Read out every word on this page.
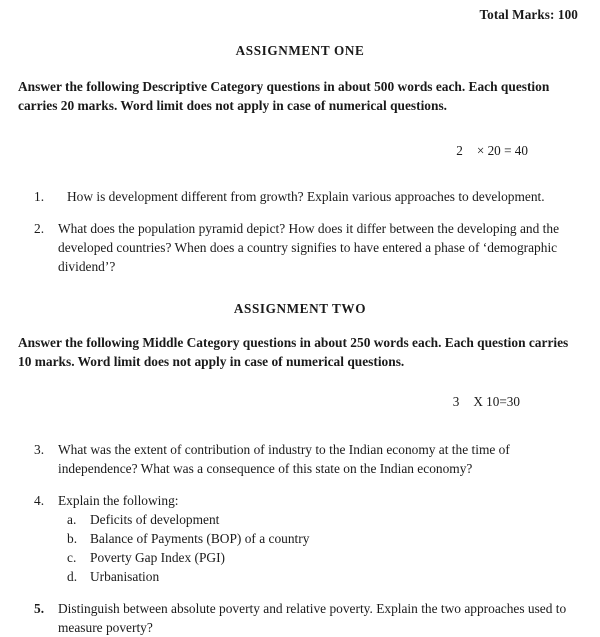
Total Marks: 100
ASSIGNMENT ONE

Answer the following Descriptive Category questions in about 500 words each. Each question carries 20 marks. Word limit does not apply in case of numerical questions.

2 × 20 = 40

1.	How is development different from growth? Explain various approaches to development.
2.	What does the population pyramid depict? How does it differ between the developing and the developed countries? When does a country signifies to have entered a phase of ‘demographic dividend’?
ASSIGNMENT TWO

Answer the following Middle Category questions in about 250 words each. Each question carries 10 marks. Word limit does not apply in case of numerical questions.

3 X 10=30

3.	What was the extent of contribution of industry to the Indian economy at the time of independence? What was a consequence of this state on the Indian economy?
4.	Explain the following:
a.	Deficits of development
b. Balance of Payments (BOP) of a country
c.	Poverty Gap Index (PGI)
d. Urbanisation
5.	Distinguish between absolute poverty and relative poverty. Explain the two approaches used to measure poverty?
